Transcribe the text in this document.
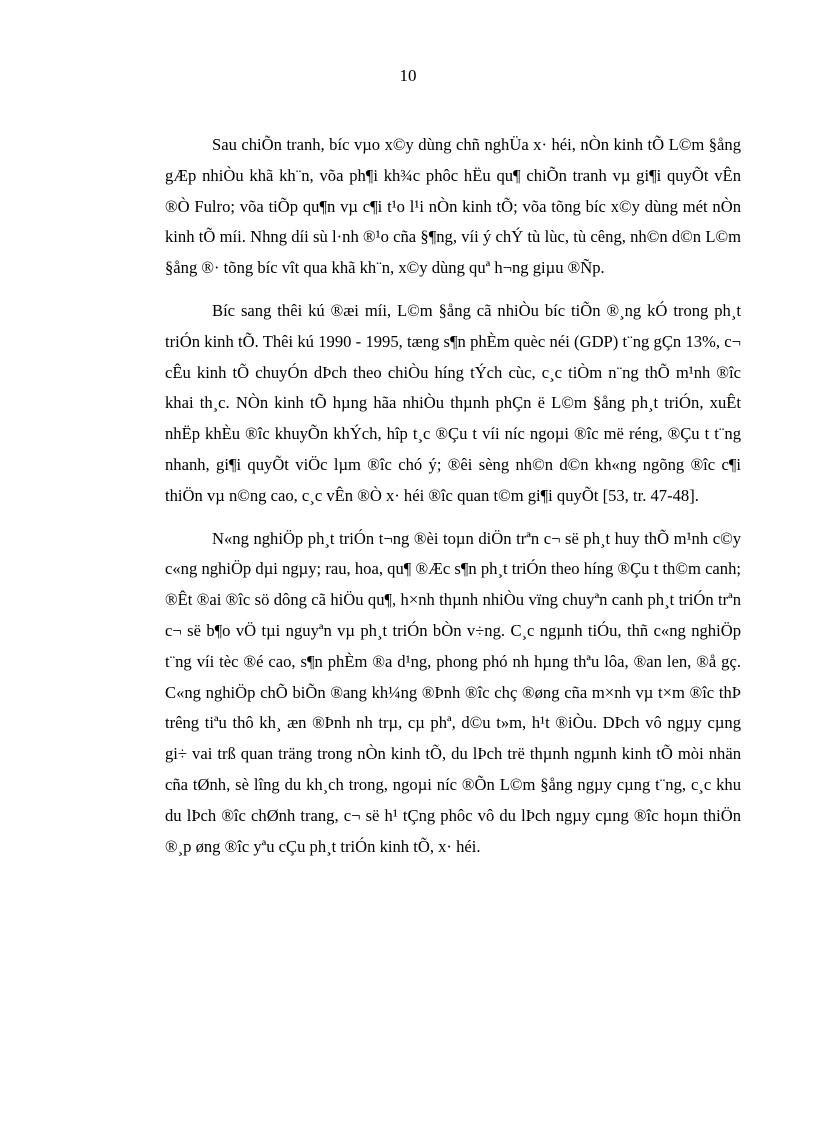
10

Sau chiÕn tranh, bíc vµo x©y dùng chñ nghÜa x· héi, nÒn kinh tÕ L©m §ång gÆp nhiÒu khã kh¨n, võa ph¶i kh¾c phôc hËu qu¶ chiÕn tranh vµ gi¶i quyÕt vÊn ®Ò Fulro; võa tiÕp qu¶n vµ c¶i t¹o l¹i nÒn kinh tÕ; võa tõng bíc x©y dùng mét nÒn kinh tÕ míi. Nhng díi sù l·nh ®¹o cña §¶ng, víi ý chÝ tù lùc, tù cêng, nh©n d©n L©m §ång ®· tõng bíc vît qua khã kh¨n, x©y dùng quª h¬ng giµu ®Ñp.

Bíc sang thêi kú ®æi míi, L©m §ång cã nhiÒu bíc tiÕn ®¸ng kÓ trong ph¸t triÓn kinh tÕ. Thêi kú 1990 - 1995, tæng s¶n phÈm quèc néi (GDP) t¨ng gÇn 13%, c¬ cÊu kinh tÕ chuyÓn dÞch theo chiÒu híng tÝch cùc, c¸c tiÒm n¨ng thÕ m¹nh ®îc khai th¸c. NÒn kinh tÕ hµng hãa nhiÒu thµnh phÇn ë L©m §ång ph¸t triÓn, xuÊt nhËp khÈu ®îc khuyÕn khÝch, hîp t¸c ®Çu t víi níc ngoµi ®îc më réng, ®Çu t t¨ng nhanh, gi¶i quyÕt viÖc lµm ®îc chó ý; ®êi sèng nh©n d©n kh«ng ngõng ®îc c¶i thiÖn vµ n©ng cao, c¸c vÊn ®Ò x· héi ®îc quan t©m gi¶i quyÕt [53, tr. 47-48].

N«ng nghiÖp ph¸t triÓn t¬ng ®èi toµn diÖn trªn c¬ së ph¸t huy thÕ m¹nh c©y c«ng nghiÖp dµi ngµy; rau, hoa, qu¶ ®Æc s¶n ph¸t triÓn theo híng ®Çu t th©m canh; ®Êt ®ai ®îc sö dông cã hiÖu qu¶, h×nh thµnh nhiÒu vïng chuyªn canh ph¸t triÓn trªn c¬ së b¶o vÖ tµi nguyªn vµ ph¸t triÓn bÒn v÷ng. C¸c ngµnh tiÓu, thñ c«ng nghiÖp t¨ng víi tèc ®é cao, s¶n phÈm ®a d¹ng, phong phó nh hµng thªu lôa, ®an len, ®å gç. C«ng nghiÖp chÕ biÕn ®ang kh¼ng ®Þnh ®îc chç ®øng cña m×nh vµ t×m ®îc thÞ trêng tiªu thô kh¸ æn ®Þnh nh trµ, cµ phª, d©u t»m, h¹t ®iÒu. DÞch vô ngµy cµng gi÷ vai trß quan träng trong nÒn kinh tÕ, du lÞch trë thµnh ngµnh kinh tÕ mòi nhän cña tØnh, sè lîng du kh¸ch trong, ngoµi níc ®Õn L©m §ång ngµy cµng t¨ng, c¸c khu du lÞch ®îc chØnh trang, c¬ së h¹ tÇng phôc vô du lÞch ngµy cµng ®îc hoµn thiÖn ®¸p øng ®îc yªu cÇu ph¸t triÓn kinh tÕ, x· héi.
